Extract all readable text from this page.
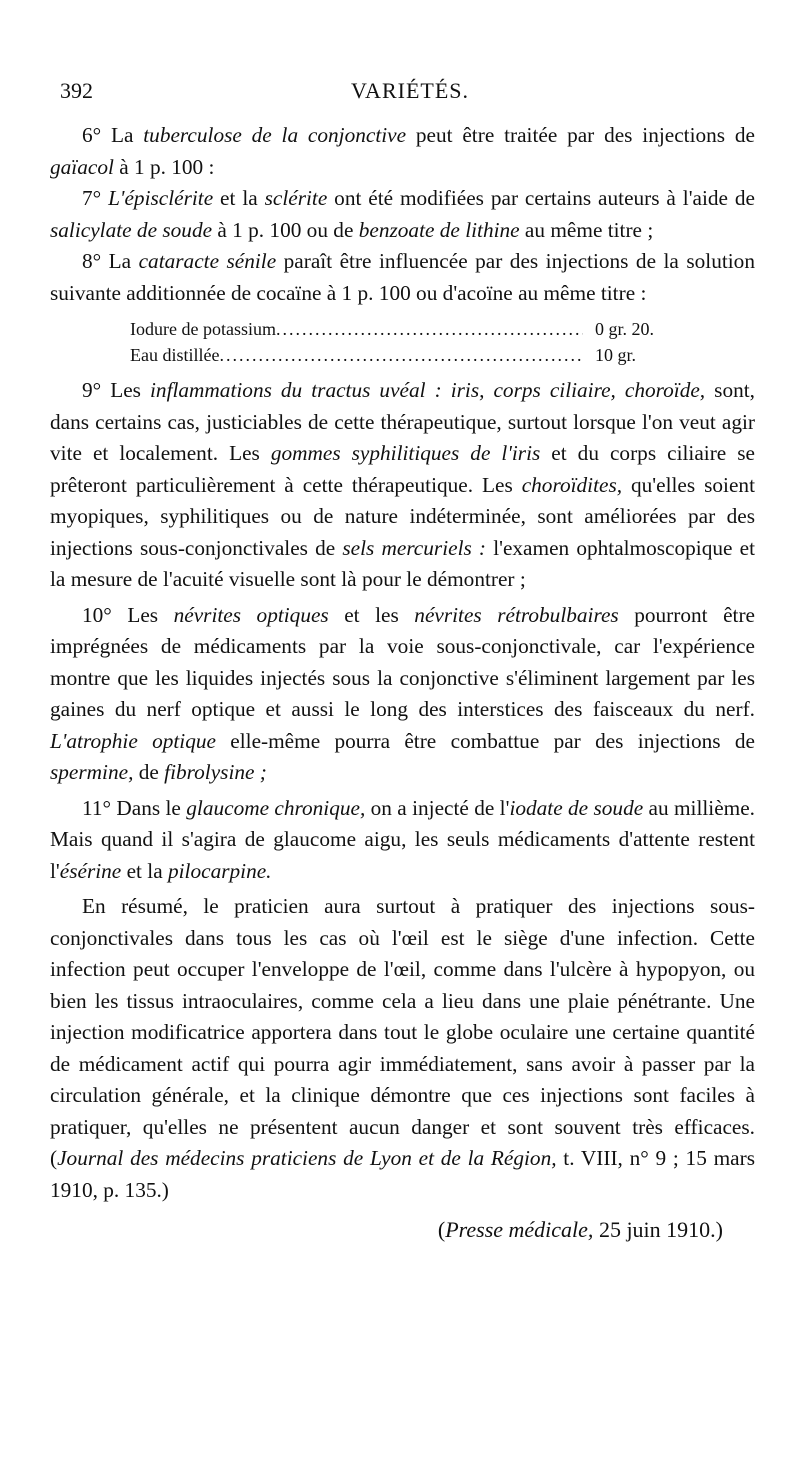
392	VARIÉTÉS.

6° La tuberculose de la conjonctive peut être traitée par des injections de gaïacol à 1 p. 100 :

7° L'épisclérite et la sclérite ont été modifiées par certains auteurs à l'aide de salicylate de soude à 1 p. 100 ou de benzoate de lithine au même titre ;

8° La cataracte sénile paraît être influencée par des injections de la solution suivante additionnée de cocaïne à 1 p. 100 ou d'acoïne au même titre :

Iodure de potassium .....	0 gr. 20.
Eau distillée .....	10 gr.

9° Les inflammations du tractus uvéal : iris, corps ciliaire, choroïde, sont, dans certains cas, justiciables de cette thérapeutique, surtout lorsque l'on veut agir vite et localement. Les gommes syphilitiques de l'iris et du corps ciliaire se prêteront particulièrement à cette thérapeutique. Les choroïdites, qu'elles soient myopiques, syphilitiques ou de nature indéterminée, sont améliorées par des injections sous-conjonctivales de sels mercuriels : l'examen ophtalmoscopique et la mesure de l'acuité visuelle sont là pour le démontrer ;

10° Les névrites optiques et les névrites rétrobulbaires pourront être imprégnées de médicaments par la voie sous-conjonctivale, car l'expérience montre que les liquides injectés sous la conjonctive s'éliminent largement par les gaines du nerf optique et aussi le long des interstices des faisceaux du nerf. L'atrophie optique elle-même pourra être combattue par des injections de spermine, de fibrolysine ;

11° Dans le glaucome chronique, on a injecté de l'iodate de soude au millième. Mais quand il s'agira de glaucome aigu, les seuls médicaments d'attente restent l'ésérine et la pilocarpine.

En résumé, le praticien aura surtout à pratiquer des injections sous-conjonctivales dans tous les cas où l'œil est le siège d'une infection. Cette infection peut occuper l'enveloppe de l'œil, comme dans l'ulcère à hypopyon, ou bien les tissus intraoculaires, comme cela a lieu dans une plaie pénétrante. Une injection modificatrice apportera dans tout le globe oculaire une certaine quantité de médicament actif qui pourra agir immédiatement, sans avoir à passer par la circulation générale, et la clinique démontre que ces injections sont faciles à pratiquer, qu'elles ne présentent aucun danger et sont souvent très efficaces. (Journal des médecins praticiens de Lyon et de la Région, t. VIII, n° 9 ; 15 mars 1910, p. 135.)

(Presse médicale, 25 juin 1910.)
